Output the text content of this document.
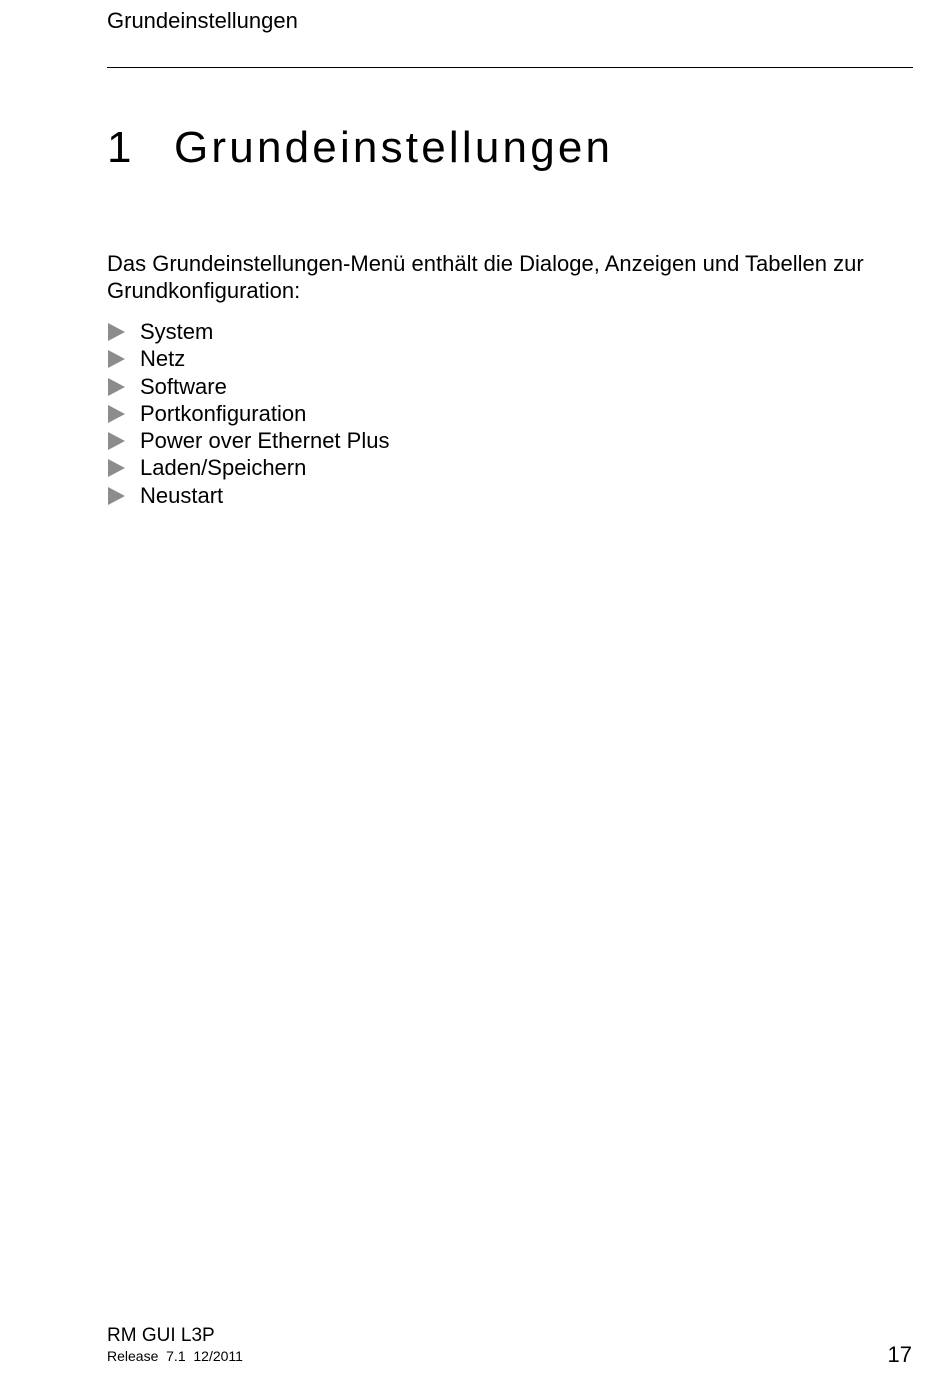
Grundeinstellungen
1 Grundeinstellungen

Das Grundeinstellungen-Menü enthält die Dialoge, Anzeigen und Tabellen zur Grundkonfiguration:

System
Netz
Software
Portkonfiguration
Power over Ethernet Plus
Laden/Speichern
Neustart
RM GUI L3P
Release  7.1  12/2011	17
